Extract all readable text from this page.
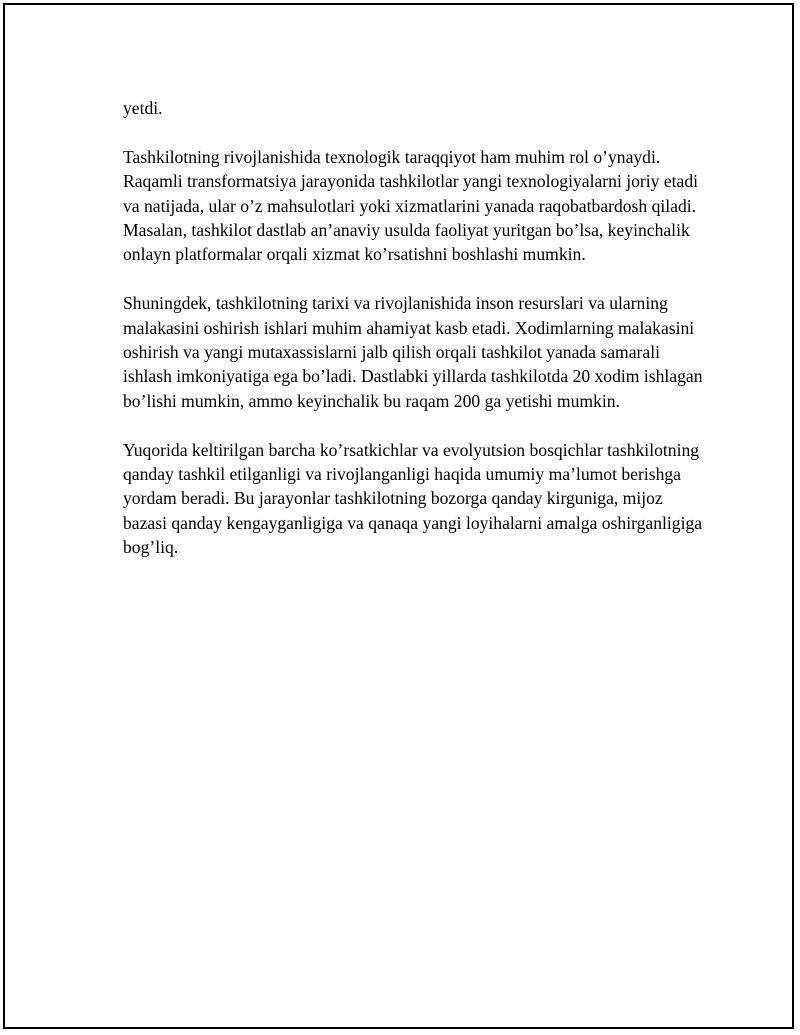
yetdi.

Tashkilotning rivojlanishida texnologik taraqqiyot ham muhim rol o’ynaydi. Raqamli transformatsiya jarayonida tashkilotlar yangi texnologiyalarni joriy etadi va natijada, ular o’z mahsulotlari yoki xizmatlarini yanada raqobatbardosh qiladi. Masalan, tashkilot dastlab an’anaviy usulda faoliyat yuritgan bo’lsa, keyinchalik onlayn platformalar orqali xizmat ko’rsatishni boshlashi mumkin.

Shuningdek, tashkilotning tarixi va rivojlanishida inson resurslari va ularning malakasini oshirish ishlari muhim ahamiyat kasb etadi. Xodimlarning malakasini oshirish va yangi mutaxassislarni jalb qilish orqali tashkilot yanada samarali ishlash imkoniyatiga ega bo’ladi. Dastlabki yillarda tashkilotda 20 xodim ishlagan bo’lishi mumkin, ammo keyinchalik bu raqam 200 ga yetishi mumkin.

Yuqorida keltirilgan barcha ko’rsatkichlar va evolyutsion bosqichlar tashkilotning qanday tashkil etilganligi va rivojlanganligi haqida umumiy ma’lumot berishga yordam beradi. Bu jarayonlar tashkilotning bozorga qanday kirguniga, mijoz bazasi qanday kengayganligiga va qanaqa yangi loyihalarni amalga oshirganligiga bog’liq.
